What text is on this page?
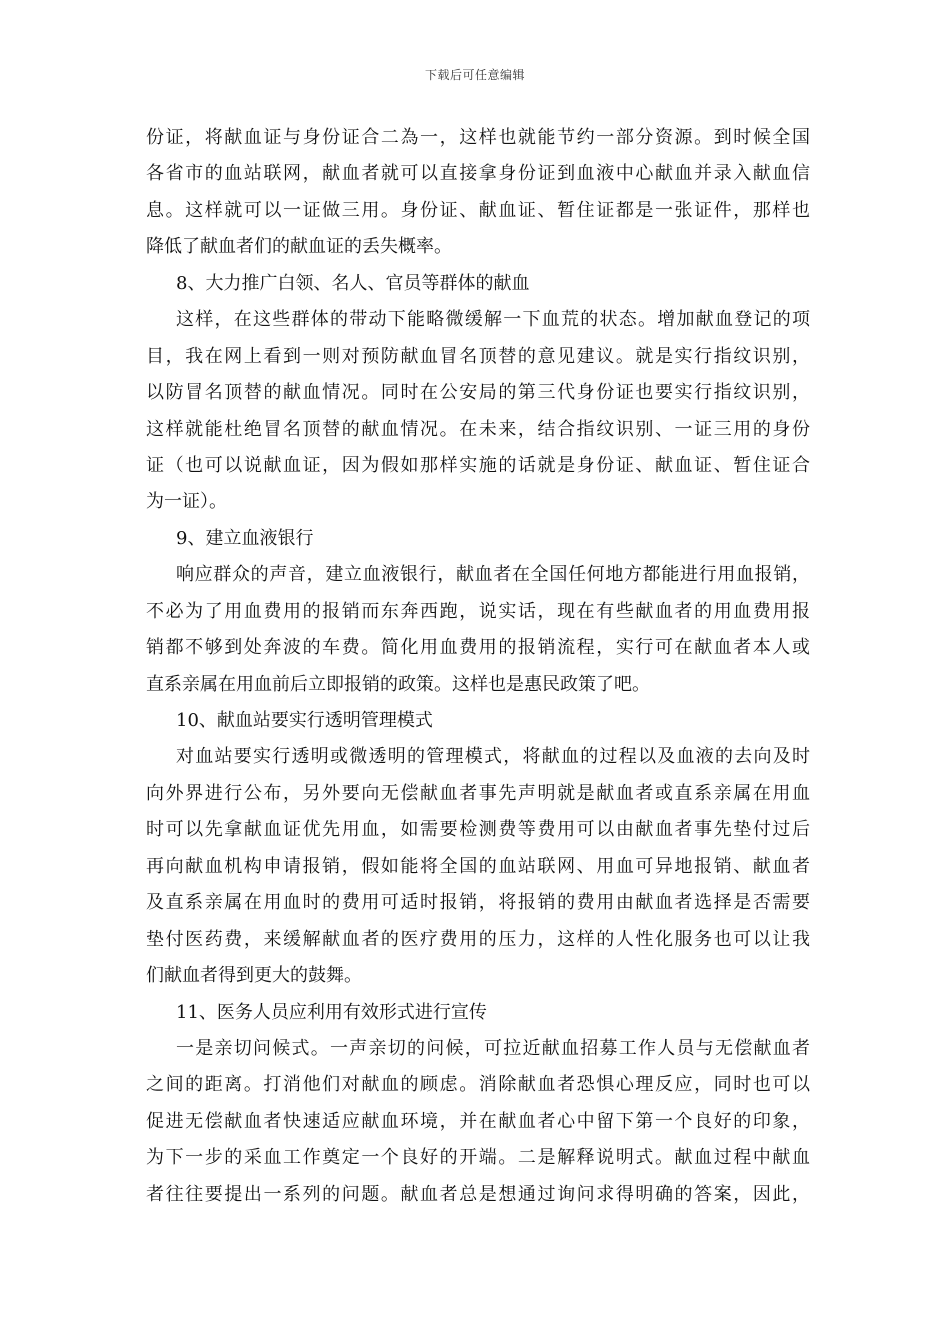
下载后可任意编辑
份证，将献血证与身份证合二為一，这样也就能节约一部分资源。到时候全国
各省市的血站联网，献血者就可以直接拿身份证到血液中心献血并录入献血信
息。这样就可以一证做三用。身份证、献血证、暂住证都是一张证件，那样也
降低了献血者们的献血证的丢失概率。
8、大力推广白领、名人、官员等群体的献血
这样，在这些群体的带动下能略微缓解一下血荒的状态。增加献血登记的项
目，我在网上看到一则对预防献血冒名顶替的意见建议。就是实行指纹识别，
以防冒名顶替的献血情况。同时在公安局的第三代身份证也要实行指纹识别，
这样就能杜绝冒名顶替的献血情况。在未来，结合指纹识别、一证三用的身份
证（也可以说献血证，因为假如那样实施的话就是身份证、献血证、暂住证合
为一证）。
9、建立血液银行
响应群众的声音，建立血液银行，献血者在全国任何地方都能进行用血报销，
不必为了用血费用的报销而东奔西跑，说实话，现在有些献血者的用血费用报
销都不够到处奔波的车费。简化用血费用的报销流程，实行可在献血者本人或
直系亲属在用血前后立即报销的政策。这样也是惠民政策了吧。
10、献血站要实行透明管理模式
对血站要实行透明或微透明的管理模式，将献血的过程以及血液的去向及时
向外界进行公布，另外要向无偿献血者事先声明就是献血者或直系亲属在用血
时可以先拿献血证优先用血，如需要检测费等费用可以由献血者事先垫付过后
再向献血机构申请报销，假如能将全国的血站联网、用血可异地报销、献血者
及直系亲属在用血时的费用可适时报销，将报销的费用由献血者选择是否需要
垫付医药费，来缓解献血者的医疗费用的压力，这样的人性化服务也可以让我
们献血者得到更大的鼓舞。
11、医务人员应利用有效形式进行宣传
一是亲切问候式。一声亲切的问候，可拉近献血招募工作人员与无偿献血者
之间的距离。打消他们对献血的顾虑。消除献血者恐惧心理反应，同时也可以
促进无偿献血者快速适应献血环境，并在献血者心中留下第一个良好的印象，
为下一步的采血工作奠定一个良好的开端。二是解释说明式。献血过程中献血
者往往要提出一系列的问题。献血者总是想通过询问求得明确的答案，因此，
